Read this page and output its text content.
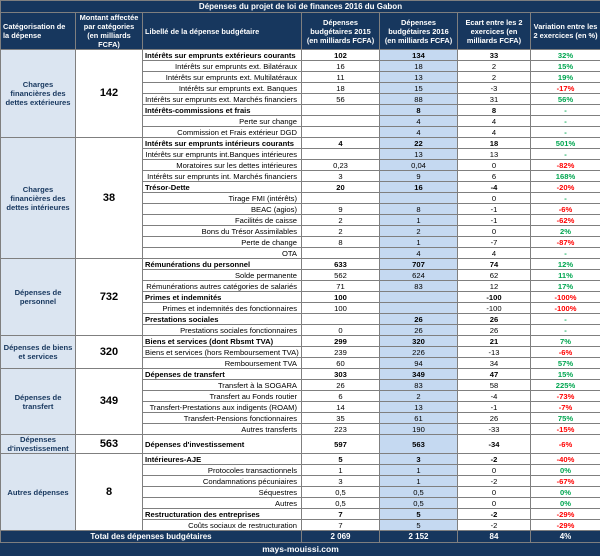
Dépenses du projet de loi de finances 2016 du Gabon						
Catégorisation de la dépense	Montant affectée par catégories (en milliards FCFA)	Libellé de la dépense budgétaire	Dépenses budgétaires 2015 (en milliards FCFA)	Dépenses budgétaires 2016 (en milliards FCFA)	Ecart entre les 2 exercices (en milliards FCFA)	Variation entre les 2 exercices (en %)
Charges financières des dettes extérieures	142	Intérêts sur emprunts extérieurs courants	102	134	33	32%
		Intérêts sur emprunts ext. Bilatéraux	16	18	2	15%
		Intérêts sur emprunts ext. Multilatéraux	11	13	2	19%
		Intérêts sur emprunts ext. Banques	18	15	-3	-17%
		Intérêts sur emprunts ext. Marchés financiers	56	88	31	56%
		Intérêts-commissions et frais		8	8	-
		Perte sur change		4	4	-
		Commission et Frais extérieur DGD		4	4	-
Charges financières des dettes intérieures	38	Intérêts sur emprunts intérieurs courants	4	22	18	501%
		Intérêts sur emprunts int.Banques intérieures		13	13	-
		Moratoires sur les dettes intérieures	0,23	0,04	0	-82%
		Intérêts sur emprunts int. Marchés financiers	3	9	6	168%
		Trésor-Dette	20	16	-4	-20%
		Tirage FMI (intérêts)			0	-
		BEAC (agios)	9	8	-1	-6%
		Facilités de caisse	2	1	-1	-62%
		Bons du Trésor Assimilables	2	2	0	2%
		Perte de change	8	1	-7	-87%
		OTA		4	4	-
Dépenses de personnel	732	Rémunérations du personnel	633	707	74	12%
		Solde permanente	562	624	62	11%
		Rémunérations autres catégories de salariés	71	83	12	17%
		Primes et indemnités	100		-100	-100%
		Primes et indemnités des fonctionnaires	100		-100	-100%
		Prestations sociales		26	26	-
		Prestations sociales fonctionnaires	0	26	26	-
Dépenses de biens et services	320	Biens et services (dont Rbsmt TVA)	299	320	21	7%
		Biens et services (hors Remboursement TVA)	239	226	-13	-6%
		Remboursement TVA	60	94	34	57%
Dépenses de transfert	349	Dépenses de transfert	303	349	47	15%
		Transfert à la SOGARA	26	83	58	225%
		Transfert au Fonds routier	6	2	-4	-73%
		Transfert-Prestations aux indigents (ROAM)	14	13	-1	-7%
		Transfert-Pensions fonctionnaires	35	61	26	75%
		Autres transferts	223	190	-33	-15%
Dépenses d'investissement	563	Dépenses d'investissement	597	563	-34	-6%
Autres dépenses	8	Intérieures-AJE	5	3	-2	-40%
		Protocoles transactionnels	1	1	0	0%
		Condamnations pécuniaires	3	1	-2	-67%
		Séquestres	0,5	0,5	0	0%
		Autres	0,5	0,5	0	0%
		Restructuration des entreprises	7	5	-2	-29%
		Coûts sociaux de restructuration	7	5	-2	-29%
Total des dépenses budgétaires			2 069	2 152	84	4%
mays-mouissi.com						
